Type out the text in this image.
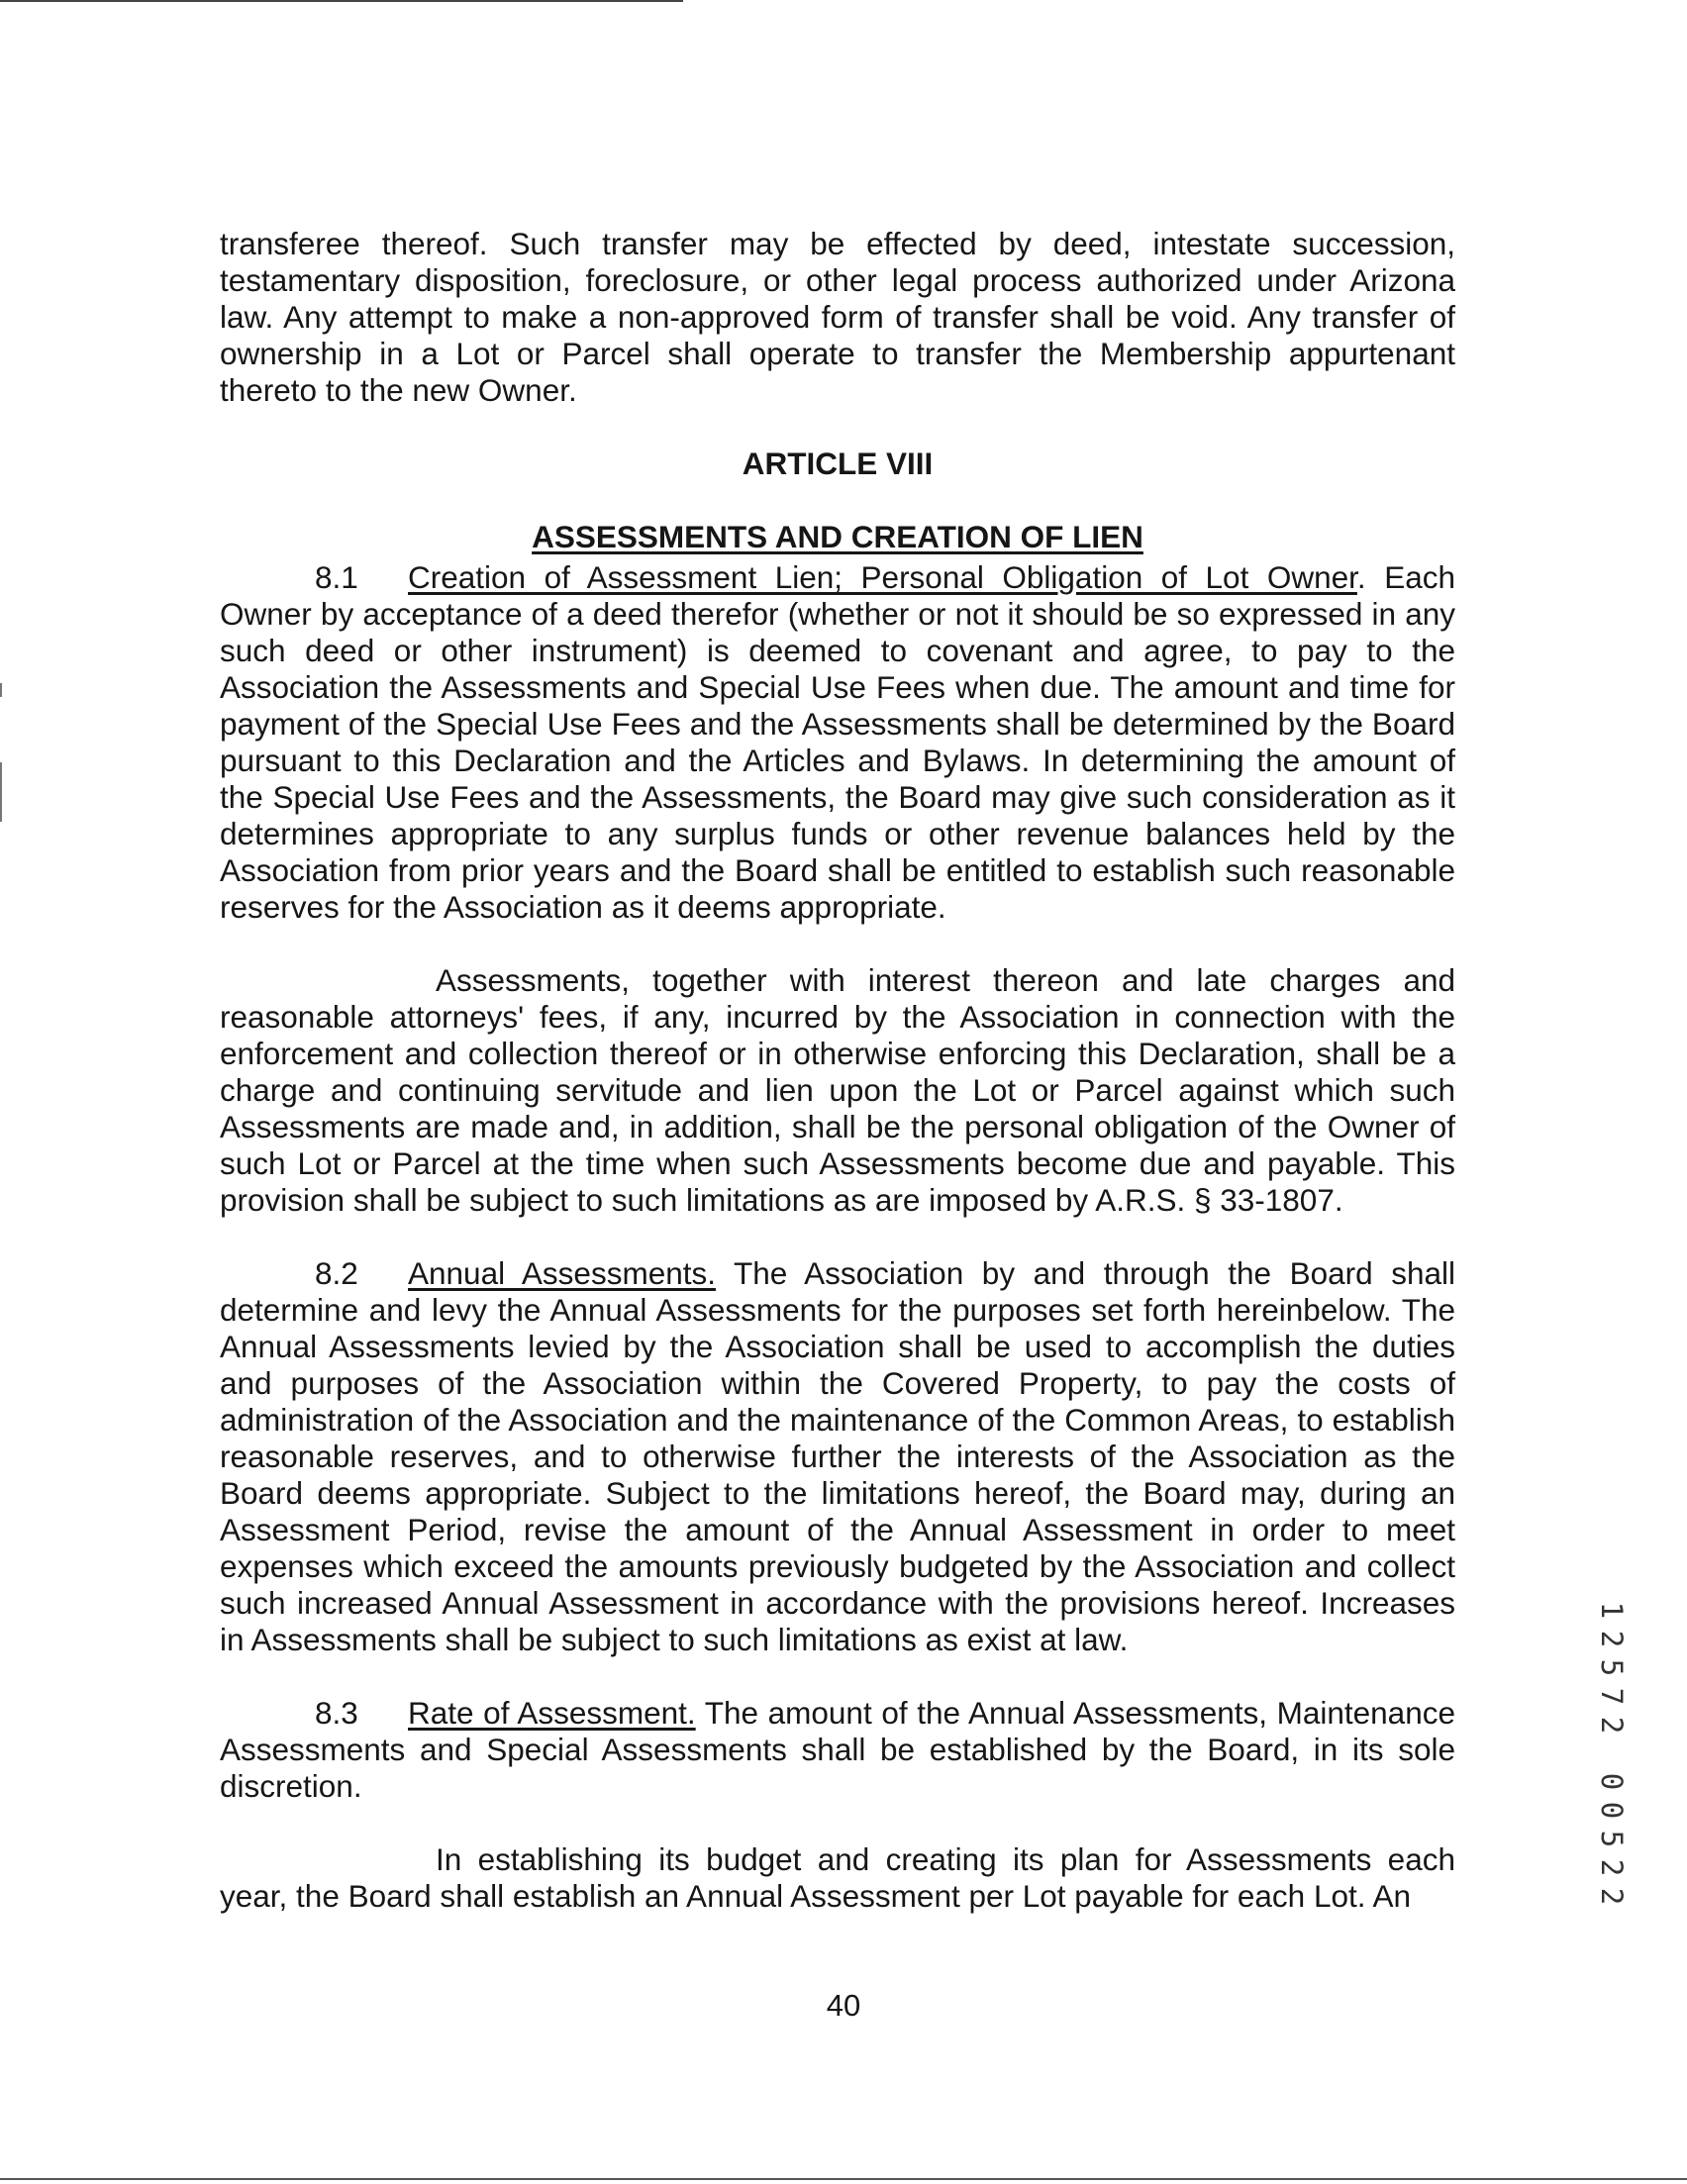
transferee thereof. Such transfer may be effected by deed, intestate succession, testamentary disposition, foreclosure, or other legal process authorized under Arizona law. Any attempt to make a non-approved form of transfer shall be void. Any transfer of ownership in a Lot or Parcel shall operate to transfer the Membership appurtenant thereto to the new Owner.

ARTICLE VIII

ASSESSMENTS AND CREATION OF LIEN

8.1 Creation of Assessment Lien; Personal Obligation of Lot Owner. Each Owner by acceptance of a deed therefor (whether or not it should be so expressed in any such deed or other instrument) is deemed to covenant and agree, to pay to the Association the Assessments and Special Use Fees when due. The amount and time for payment of the Special Use Fees and the Assessments shall be determined by the Board pursuant to this Declaration and the Articles and Bylaws. In determining the amount of the Special Use Fees and the Assessments, the Board may give such consideration as it determines appropriate to any surplus funds or other revenue balances held by the Association from prior years and the Board shall be entitled to establish such reasonable reserves for the Association as it deems appropriate.

Assessments, together with interest thereon and late charges and reasonable attorneys' fees, if any, incurred by the Association in connection with the enforcement and collection thereof or in otherwise enforcing this Declaration, shall be a charge and continuing servitude and lien upon the Lot or Parcel against which such Assessments are made and, in addition, shall be the personal obligation of the Owner of such Lot or Parcel at the time when such Assessments become due and payable. This provision shall be subject to such limitations as are imposed by A.R.S. § 33-1807.

8.2 Annual Assessments. The Association by and through the Board shall determine and levy the Annual Assessments for the purposes set forth hereinbelow. The Annual Assessments levied by the Association shall be used to accomplish the duties and purposes of the Association within the Covered Property, to pay the costs of administration of the Association and the maintenance of the Common Areas, to establish reasonable reserves, and to otherwise further the interests of the Association as the Board deems appropriate. Subject to the limitations hereof, the Board may, during an Assessment Period, revise the amount of the Annual Assessment in order to meet expenses which exceed the amounts previously budgeted by the Association and collect such increased Annual Assessment in accordance with the provisions hereof. Increases in Assessments shall be subject to such limitations as exist at law.

8.3 Rate of Assessment. The amount of the Annual Assessments, Maintenance Assessments and Special Assessments shall be established by the Board, in its sole discretion.

In establishing its budget and creating its plan for Assessments each year, the Board shall establish an Annual Assessment per Lot payable for each Lot. An

40
1
2
5
7
2
0
0
5
2
2
